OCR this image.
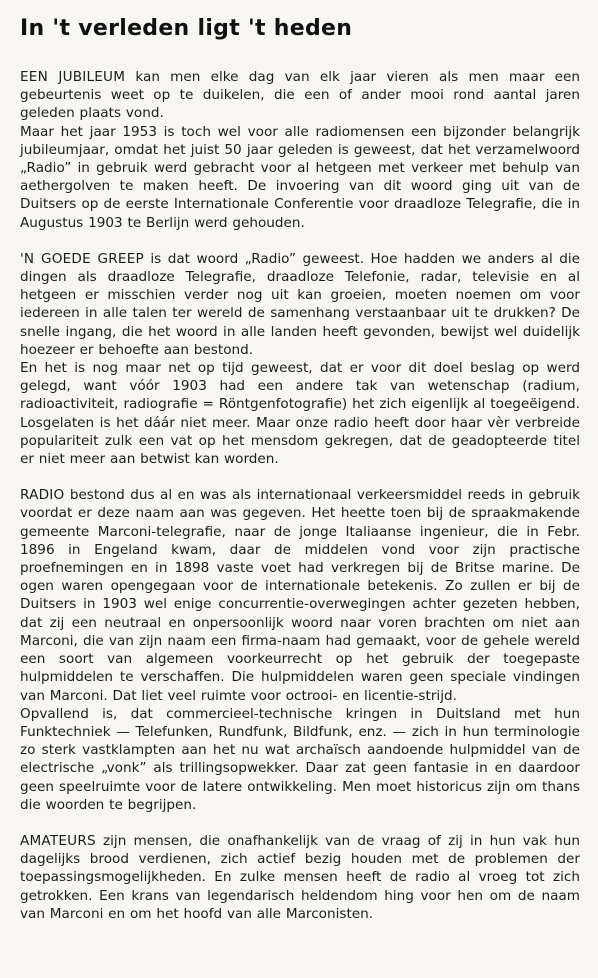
In 't verleden ligt 't heden

EEN JUBILEUM kan men elke dag van elk jaar vieren als men maar een gebeurtenis weet op te duikelen, die een of ander mooi rond aantal jaren geleden plaats vond.

Maar het jaar 1953 is toch wel voor alle radiomensen een bijzonder belangrijk jubileumjaar, omdat het juist 50 jaar geleden is geweest, dat het verzamelwoord „Radio” in gebruik werd gebracht voor al hetgeen met verkeer met behulp van aethergolven te maken heeft. De invoering van dit woord ging uit van de Duitsers op de eerste Internationale Conferentie voor draadloze Telegrafie, die in Augustus 1903 te Berlijn werd gehouden.

'N GOEDE GREEP is dat woord „Radio” geweest. Hoe hadden we anders al die dingen als draadloze Telegrafie, draadloze Telefonie, radar, televisie en al hetgeen er misschien verder nog uit kan groeien, moeten noemen om voor iedereen in alle talen ter wereld de samenhang verstaanbaar uit te drukken? De snelle ingang, die het woord in alle landen heeft gevonden, bewijst wel duidelijk hoezeer er behoefte aan bestond.

En het is nog maar net op tijd geweest, dat er voor dit doel beslag op werd gelegd, want vóór 1903 had een andere tak van wetenschap (radium, radioactiviteit, radiografie = Röntgenfotografie) het zich eigenlijk al toegeëigend. Losgelaten is het dáár niet meer. Maar onze radio heeft door haar vèr verbreide populariteit zulk een vat op het mensdom gekregen, dat de geadopteerde titel er niet meer aan betwist kan worden.

RADIO bestond dus al en was als internationaal verkeersmiddel reeds in gebruik voordat er deze naam aan was gegeven. Het heette toen bij de spraakmakende gemeente Marconi-telegrafie, naar de jonge Italiaanse ingenieur, die in Febr. 1896 in Engeland kwam, daar de middelen vond voor zijn practische proefnemingen en in 1898 vaste voet had verkregen bij de Britse marine. De ogen waren opengegaan voor de internationale betekenis. Zo zullen er bij de Duitsers in 1903 wel enige concurrentie-overwegingen achter gezeten hebben, dat zij een neutraal en onpersoonlijk woord naar voren brachten om niet aan Marconi, die van zijn naam een firma-naam had gemaakt, voor de gehele wereld een soort van algemeen voorkeurrecht op het gebruik der toegepaste hulpmiddelen te verschaffen. Die hulpmiddelen waren geen speciale vindingen van Marconi. Dat liet veel ruimte voor octrooi- en licentie-strijd.

Opvallend is, dat commercieel-technische kringen in Duitsland met hun Funktechniek — Telefunken, Rundfunk, Bildfunk, enz. — zich in hun terminologie zo sterk vastklampten aan het nu wat archaïsch aandoende hulpmiddel van de electrische „vonk” als trillingsopwekker. Daar zat geen fantasie in en daardoor geen speelruimte voor de latere ontwikkeling. Men moet historicus zijn om thans die woorden te begrijpen.

AMATEURS zijn mensen, die onafhankelijk van de vraag of zij in hun vak hun dagelijks brood verdienen, zich actief bezig houden met de problemen der toepassingsmogelijkheden. En zulke mensen heeft de radio al vroeg tot zich getrokken. Een krans van legendarisch heldendom hing voor hen om de naam van Marconi en om het hoofd van alle Marconisten.
